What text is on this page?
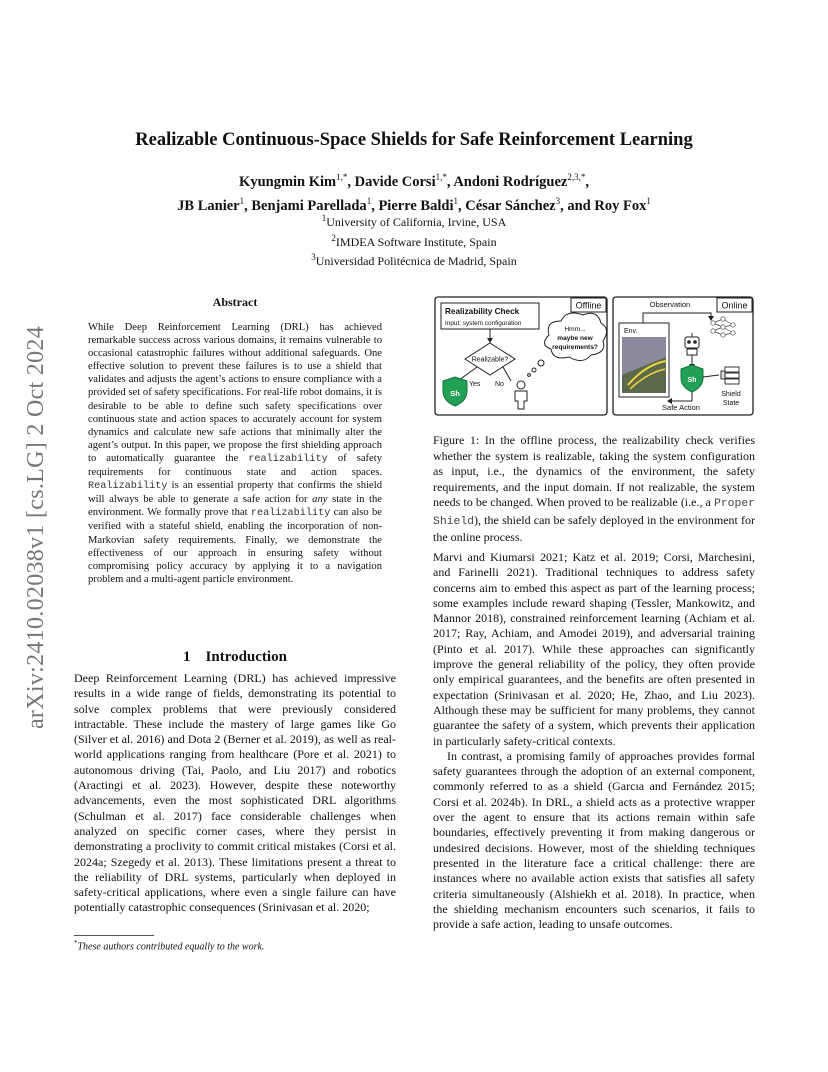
arXiv:2410.02038v1 [cs.LG] 2 Oct 2024
Realizable Continuous-Space Shields for Safe Reinforcement Learning
Kyungmin Kim$^{1,*}$, Davide Corsi$^{1,*}$, Andoni Rodríguez$^{2,3,*}$,
JB Lanier$^1$, Benjami Parellada$^1$, Pierre Baldi$^1$, César Sánchez$^3$, and Roy Fox$^1$
$^1$University of California, Irvine, USA
$^2$IMDEA Software Institute, Spain
$^3$Universidad Politécnica de Madrid, Spain
Abstract
While Deep Reinforcement Learning (DRL) has achieved remarkable success across various domains, it remains vulnerable to occasional catastrophic failures without additional safeguards. One effective solution to prevent these failures is to use a shield that validates and adjusts the agent’s actions to ensure compliance with a provided set of safety specifications. For real-life robot domains, it is desirable to be able to define such safety specifications over continuous state and action spaces to accurately account for system dynamics and calculate new safe actions that minimally alter the agent’s output. In this paper, we propose the first shielding approach to automatically guarantee the realizability of safety requirements for continuous state and action spaces. Realizability is an essential property that confirms the shield will always be able to generate a safe action for any state in the environment. We formally prove that realizability can also be verified with a stateful shield, enabling the incorporation of non-Markovian safety requirements. Finally, we demonstrate the effectiveness of our approach in ensuring safety without compromising policy accuracy by applying it to a navigation problem and a multi-agent particle environment.
1    Introduction

Deep Reinforcement Learning (DRL) has achieved impressive results in a wide range of fields, demonstrating its potential to solve complex problems that were previously considered intractable. These include the mastery of large games like Go (Silver et al. 2016) and Dota 2 (Berner et al. 2019), as well as real-world applications ranging from healthcare (Pore et al. 2021) to autonomous driving (Tai, Paolo, and Liu 2017) and robotics (Aractingi et al. 2023). However, despite these noteworthy advancements, even the most sophisticated DRL algorithms (Schulman et al. 2017) face considerable challenges when analyzed on specific corner cases, where they persist in demonstrating a proclivity to commit critical mistakes (Corsi et al. 2024a; Szegedy et al. 2013). These limitations present a threat to the reliability of DRL systems, particularly when deployed in safety-critical applications, where even a single failure can have potentially catastrophic consequences (Srinivasan et al. 2020;

*These authors contributed equally to the work.
Offline
Realizability Check
Input: system configuration
Realizable?
Yes No
Sh
Hmm...
maybe new
requirements?
Online
Observation
Env.
Sh
Shield
State
Safe Action
Figure 1: In the offline process, the realizability check verifies whether the system is realizable, taking the system configuration as input, i.e., the dynamics of the environment, the safety requirements, and the input domain. If not realizable, the system needs to be changed. When proved to be realizable (i.e., a Proper Shield), the shield can be safely deployed in the environment for the online process.

Marvi and Kiumarsi 2021; Katz et al. 2019; Corsi, Marchesini, and Farinelli 2021). Traditional techniques to address safety concerns aim to embed this aspect as part of the learning process; some examples include reward shaping (Tessler, Mankowitz, and Mannor 2018), constrained reinforcement learning (Achiam et al. 2017; Ray, Achiam, and Amodei 2019), and adversarial training (Pinto et al. 2017). While these approaches can significantly improve the general reliability of the policy, they often provide only empirical guarantees, and the benefits are often presented in expectation (Srinivasan et al. 2020; He, Zhao, and Liu 2023). Although these may be sufficient for many problems, they cannot guarantee the safety of a system, which prevents their application in particularly safety-critical contexts.

In contrast, a promising family of approaches provides formal safety guarantees through the adoption of an external component, commonly referred to as a shield (Garcıa and Fernández 2015; Corsi et al. 2024b). In DRL, a shield acts as a protective wrapper over the agent to ensure that its actions remain within safe boundaries, effectively preventing it from making dangerous or undesired decisions. However, most of the shielding techniques presented in the literature face a critical challenge: there are instances where no available action exists that satisfies all safety criteria simultaneously (Alshiekh et al. 2018). In practice, when the shielding mechanism encounters such scenarios, it fails to provide a safe action, leading to unsafe outcomes.
